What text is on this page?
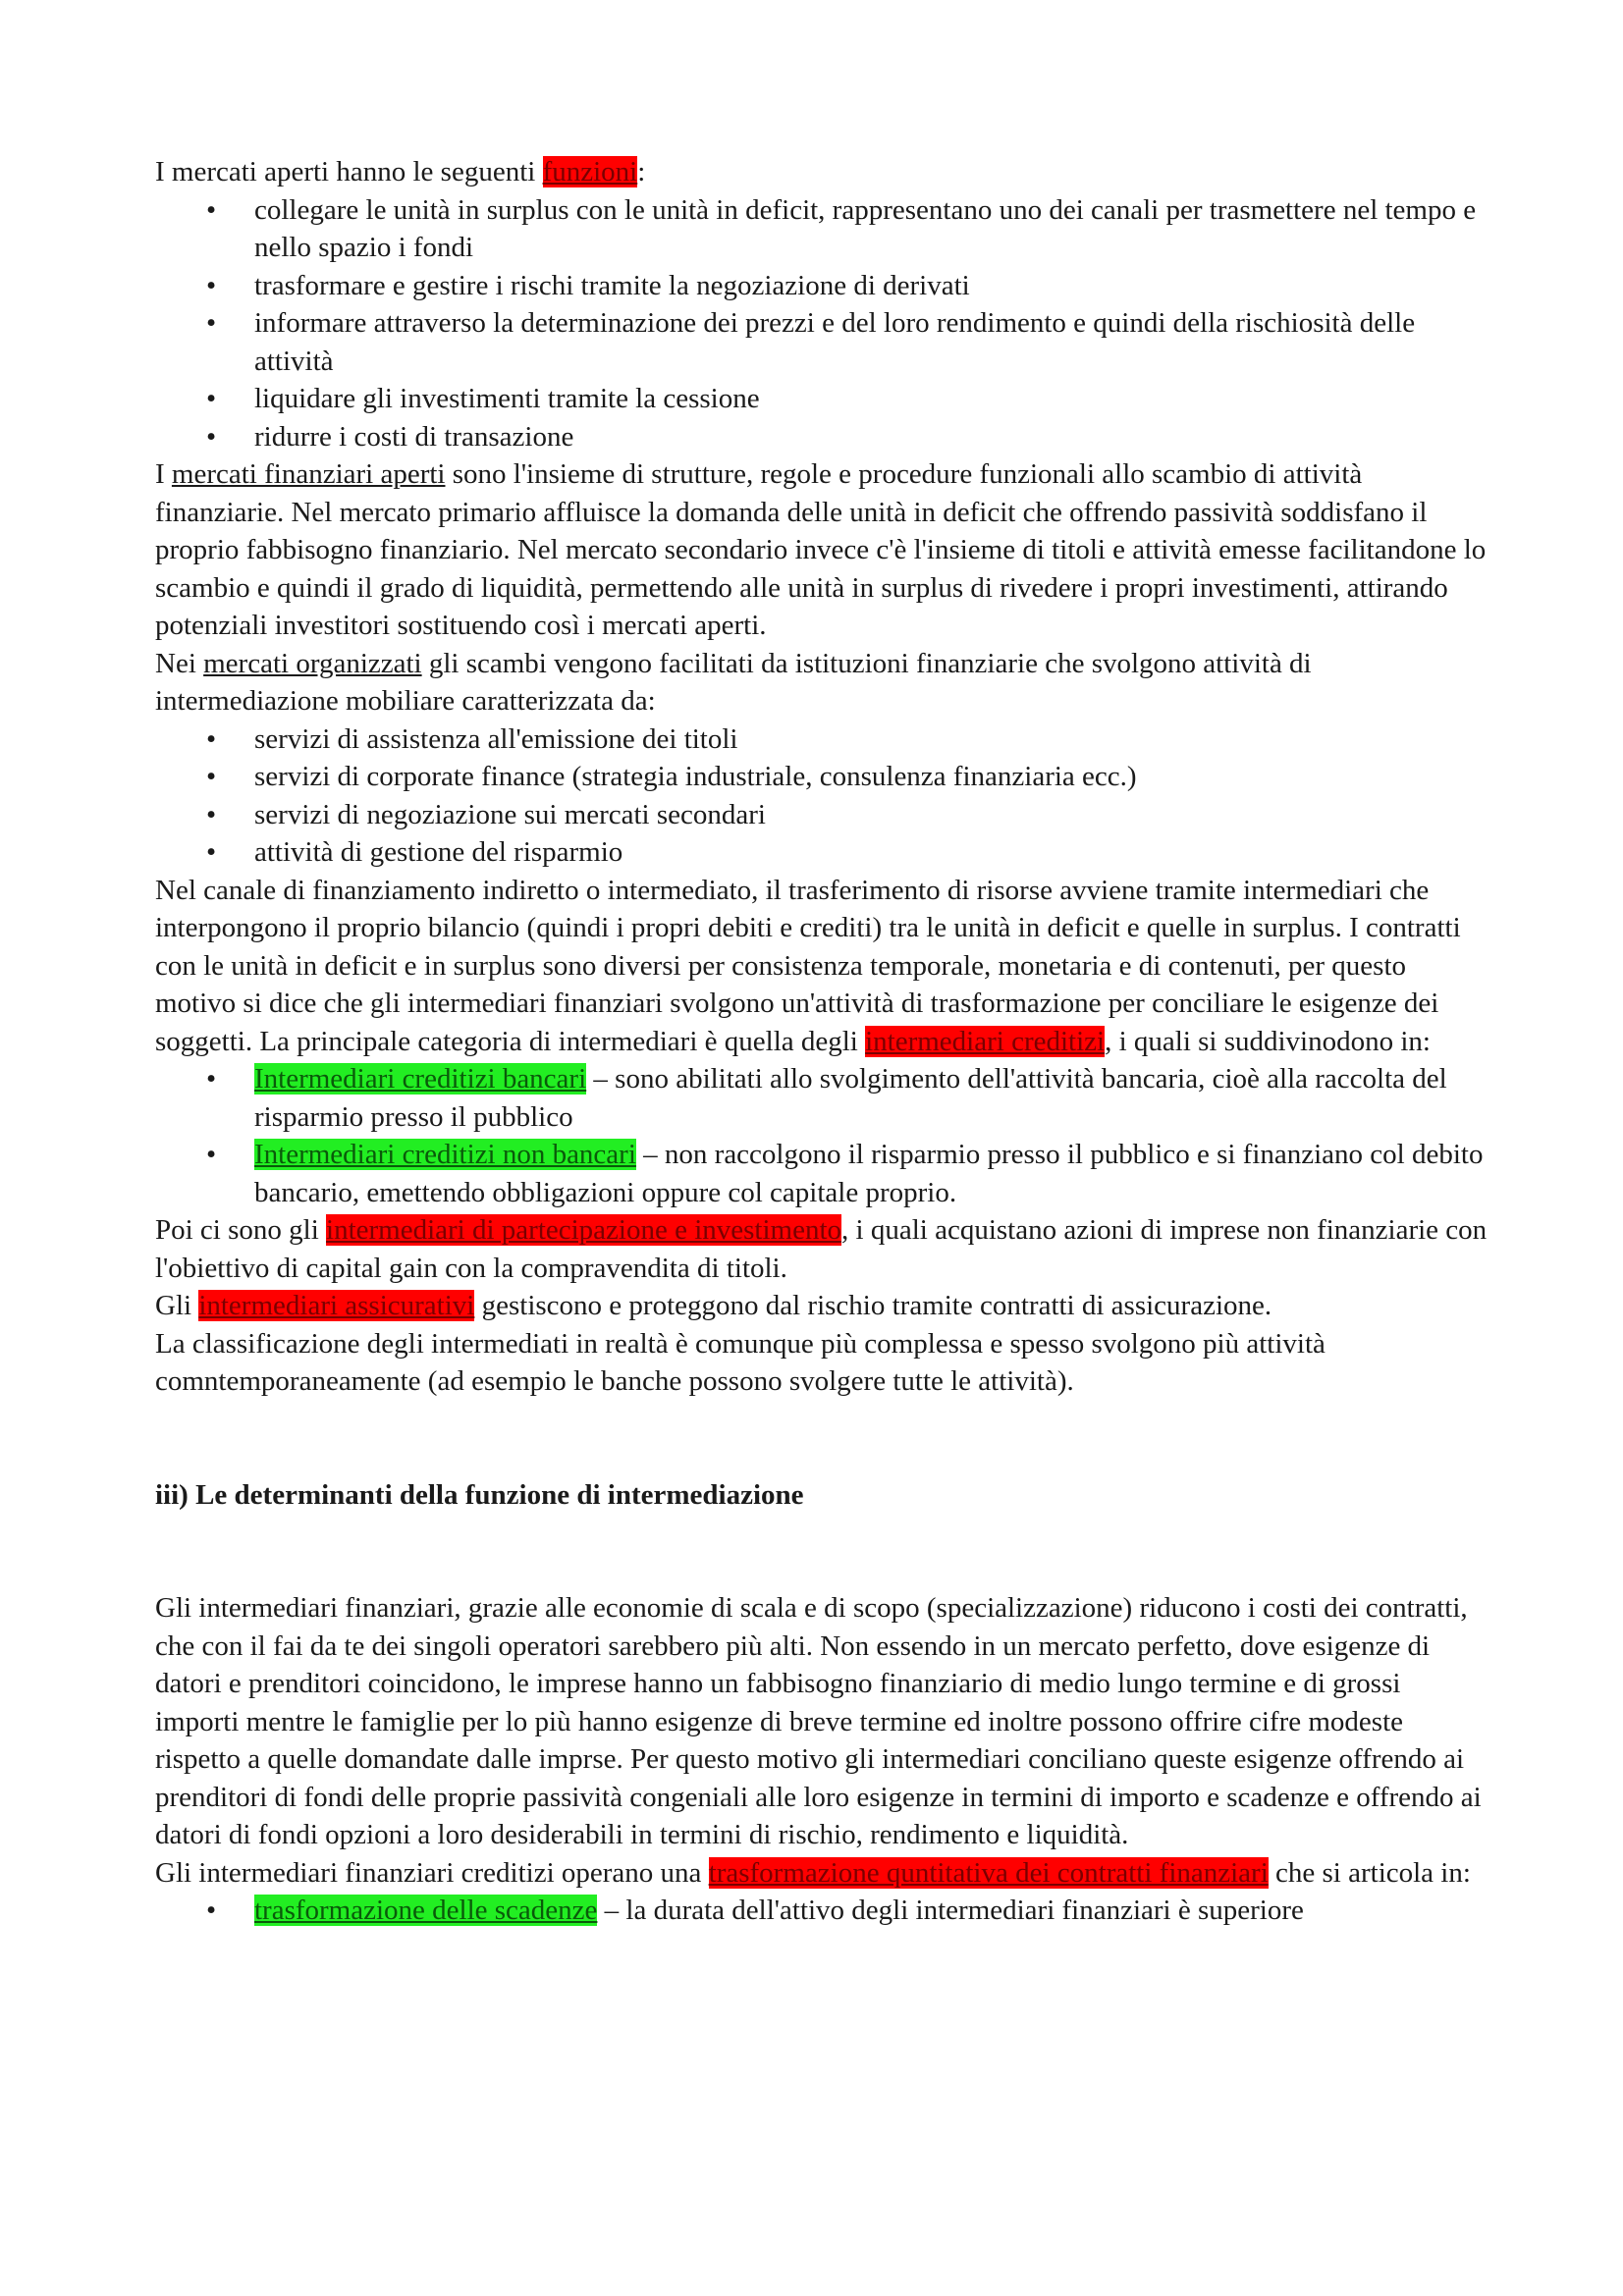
I mercati aperti hanno le seguenti funzioni:

• collegare le unità in surplus con le unità in deficit, rappresentano uno dei canali per trasmettere nel tempo e nello spazio i fondi
• trasformare e gestire i rischi tramite la negoziazione di derivati
• informare attraverso la determinazione dei prezzi e del loro rendimento e quindi della rischiosità delle attività
• liquidare gli investimenti tramite la cessione
• ridurre i costi di transazione

I mercati finanziari aperti sono l'insieme di strutture, regole e procedure funzionali allo scambio di attività finanziarie. Nel mercato primario affluisce la domanda delle unità in deficit che offrendo passività soddisfano il proprio fabbisogno finanziario. Nel mercato secondario invece c'è l'insieme di titoli e attività emesse facilitandone lo scambio e quindi il grado di liquidità, permettendo alle unità in surplus di rivedere i propri investimenti, attirando potenziali investitori sostituendo così i mercati aperti.

Nei mercati organizzati gli scambi vengono facilitati da istituzioni finanziarie che svolgono attività di intermediazione mobiliare caratterizzata da:

• servizi di assistenza all'emissione dei titoli
• servizi di corporate finance (strategia industriale, consulenza finanziaria ecc.)
• servizi di negoziazione sui mercati secondari
• attività di gestione del risparmio

Nel canale di finanziamento indiretto o intermediato, il trasferimento di risorse avviene tramite intermediari che interpongono il proprio bilancio (quindi i propri debiti e crediti) tra le unità in deficit e quelle in surplus. I contratti con le unità in deficit e in surplus sono diversi per consistenza temporale, monetaria e di contenuti, per questo motivo si dice che gli intermediari finanziari svolgono un'attività di trasformazione per conciliare le esigenze dei soggetti. La principale categoria di intermediari è quella degli intermediari creditizi, i quali si suddivinodono in:

• Intermediari creditizi bancari – sono abilitati allo svolgimento dell'attività bancaria, cioè alla raccolta del risparmio presso il pubblico
• Intermediari creditizi non bancari – non raccolgono il risparmio presso il pubblico e si finanziano col debito bancario, emettendo obbligazioni oppure col capitale proprio.

Poi ci sono gli intermediari di partecipazione e investimento, i quali acquistano azioni di imprese non finanziarie con l'obiettivo di capital gain con la compravendita di titoli.

Gli intermediari assicurativi gestiscono e proteggono dal rischio tramite contratti di assicurazione.

La classificazione degli intermediati in realtà è comunque più complessa e spesso svolgono più attività comntemporaneamente (ad esempio le banche possono svolgere tutte le attività).

iii) Le determinanti della funzione di intermediazione

Gli intermediari finanziari, grazie alle economie di scala e di scopo (specializzazione) riducono i costi dei contratti, che con il fai da te dei singoli operatori sarebbero più alti. Non essendo in un mercato perfetto, dove esigenze di datori e prenditori coincidono, le imprese hanno un fabbisogno finanziario di medio lungo termine e di grossi importi mentre le famiglie per lo più hanno esigenze di breve termine ed inoltre possono offrire cifre modeste rispetto a quelle domandate dalle imprse. Per questo motivo gli intermediari conciliano queste esigenze offrendo ai prenditori di fondi delle proprie passività congeniali alle loro esigenze in termini di importo e scadenze e offrendo ai datori di fondi opzioni a loro desiderabili in termini di rischio, rendimento e liquidità.

Gli intermediari finanziari creditizi operano una trasformazione quntitativa dei contratti finanziari che si articola in:

• trasformazione delle scadenze – la durata dell'attivo degli intermediari finanziari è superiore
